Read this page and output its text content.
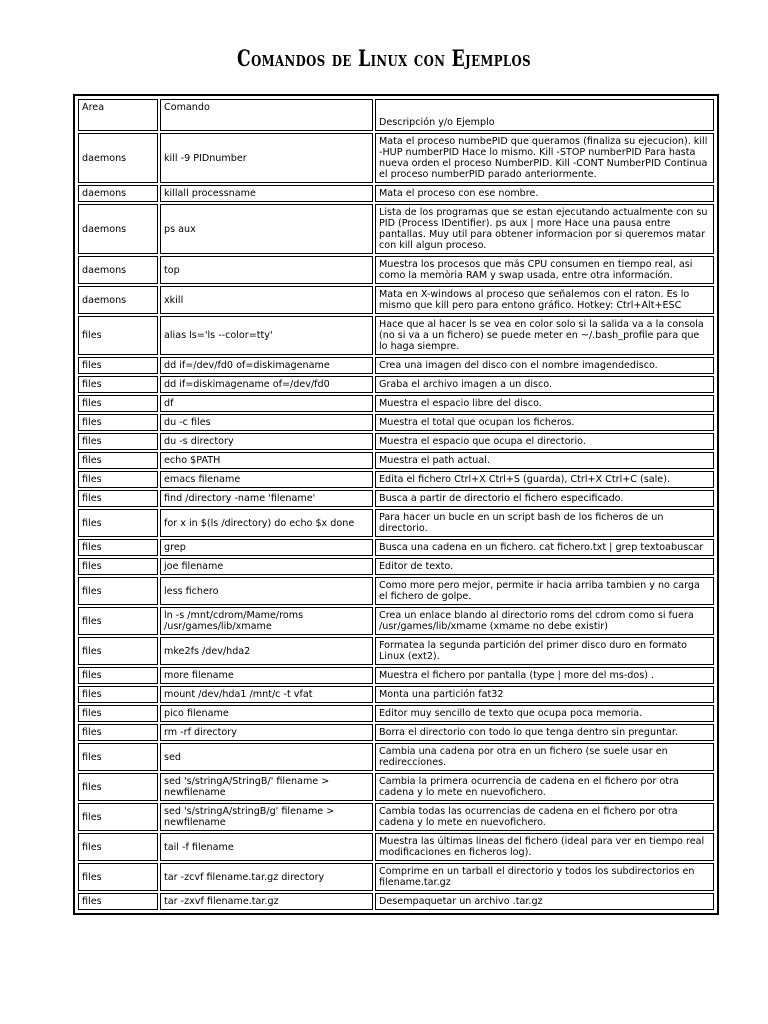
Comandos de Linux con Ejemplos
Area	Comando	Descripción y/o Ejemplo
daemons	kill -9 PIDnumber	Mata el proceso numbePID que queramos (finaliza su ejecucion). kill -HUP numberPID Hace lo mismo. Kill -STOP numberPID Para hasta nueva orden el proceso NumberPID. Kill -CONT NumberPID Continua el proceso numberPID parado anteriormente.
daemons	killall processname	Mata el proceso con ese nombre.
daemons	ps aux	Lista de los programas que se estan ejecutando actualmente con su PID (Process IDentifier). ps aux | more Hace una pausa entre pantallas. Muy util para obtener informacion por si queremos matar con kill algun proceso.
daemons	top	Muestra los procesos que más CPU consumen en tiempo real, asi como la memòria RAM y swap usada, entre otra información.
daemons	xkill	Mata en X-windows al proceso que señalemos con el raton. Es lo mismo que kill pero para entono gráfico. Hotkey: Ctrl+Alt+ESC
files	alias ls='ls --color=tty'	Hace que al hacer ls se vea en color solo si la salida va a la consola (no si va a un fichero) se puede meter en ~/.bash_profile para que lo haga siempre.
files	dd if=/dev/fd0 of=diskimagename	Crea una imagen del disco con el nombre imagendedisco.
files	dd if=diskimagename of=/dev/fd0	Graba el archivo imagen a un disco.
files	df	Muestra el espacio libre del disco.
files	du -c files	Muestra el total que ocupan los ficheros.
files	du -s directory	Muestra el espacio que ocupa el directorio.
files	echo $PATH	Muestra el path actual.
files	emacs filename	Edita el fichero Ctrl+X Ctrl+S (guarda), Ctrl+X Ctrl+C (sale).
files	find /directory -name 'filename'	Busca a partir de directorio el fichero especificado.
files	for x in $(ls /directory) do echo $x done	Para hacer un bucle en un script bash de los ficheros de un directorio.
files	grep	Busca una cadena en un fichero. cat fichero.txt | grep textoabuscar
files	joe filename	Editor de texto.
files	less fichero	Como more pero mejor, permite ir hacia arriba tambien y no carga el fichero de golpe.
files	ln -s /mnt/cdrom/Mame/roms /usr/games/lib/xmame	Crea un enlace blando al directorio roms del cdrom como si fuera /usr/games/lib/xmame (xmame no debe existir)
files	mke2fs /dev/hda2	Formatea la segunda partición del primer disco duro en formato Linux (ext2).
files	more filename	Muestra el fichero por pantalla (type | more del ms-dos) .
files	mount /dev/hda1 /mnt/c -t vfat	Monta una partición fat32
files	pico filename	Editor muy sencillo de texto que ocupa poca memoria.
files	rm -rf directory	Borra el directorio con todo lo que tenga dentro sin preguntar.
files	sed	Cambia una cadena por otra en un fichero (se suele usar en redirecciones.
files	sed 's/stringA/StringB/' filename > newfilename	Cambia la primera ocurrencia de cadena en el fichero por otra cadena y lo mete en nuevofichero.
files	sed 's/stringA/stringB/g' filename > newfilename	Cambia todas las ocurrencias de cadena en el fichero por otra cadena y lo mete en nuevofichero.
files	tail -f filename	Muestra las últimas lineas del fichero (ideal para ver en tiempo real modificaciones en ficheros log).
files	tar -zcvf filename.tar.gz directory	Comprime en un tarball el directorio y todos los subdirectorios en filename.tar.gz
files	tar -zxvf filename.tar.gz	Desempaquetar un archivo .tar.gz
